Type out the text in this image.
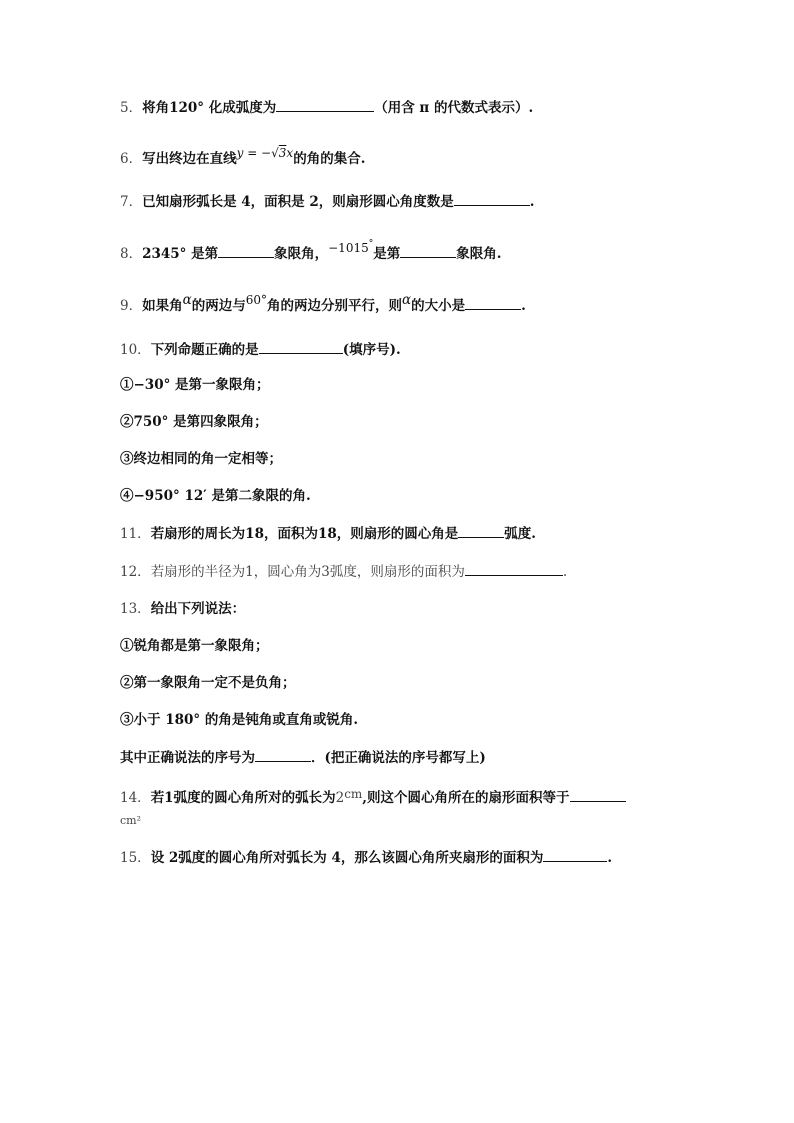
5．将角120° 化成弧度为	（用含 π 的代数式表示）.
6．写出终边在直线y = −√3x的角的集合.
7．已知扇形弧长是 4，面积是 2，则扇形圆心角度数是	.
8．2345° 是第	象限角，−1015°是第	象限角.
9．如果角α的两边与60°角的两边分别平行，则α的大小是	.
10．下列命题正确的是	(填序号).
①−30° 是第一象限角；
②750° 是第四象限角；
③终边相同的角一定相等；
④−950° 12′ 是第二象限的角.
11．若扇形的周长为18，面积为18，则扇形的圆心角是	弧度.
12．若扇形的半径为1，圆心角为3弧度，则扇形的面积为	.
13．给出下列说法：
①锐角都是第一象限角；
②第一象限角一定不是负角；
③小于 180° 的角是钝角或直角或锐角.
其中正确说法的序号为	．(把正确说法的序号都写上)
14．若1弧度的圆心角所对的弧长为2cm,则这个圆心角所在的扇形面积等于
cm²
15．设 2弧度的圆心角所对弧长为 4，那么该圆心角所夹扇形的面积为	.
